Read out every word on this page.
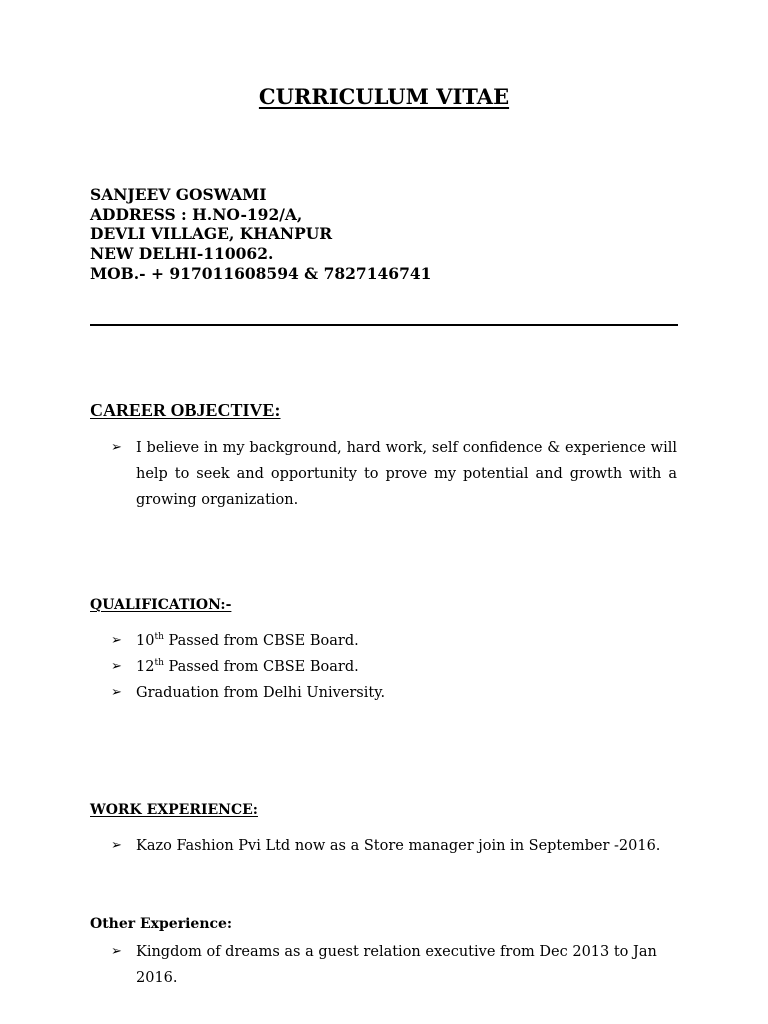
CURRICULUM VITAE
SANJEEV GOSWAMI
ADDRESS : H.NO-192/A,
DEVLI VILLAGE, KHANPUR
NEW DELHI-110062.
MOB.- + 917011608594 & 7827146741
CAREER OBJECTIVE:
➢ I believe in my background, hard work, self confidence & experience will help to seek and opportunity to prove my potential and growth with a growing organization.
QUALIFICATION:-
➢ 10th Passed from CBSE Board.
➢ 12th Passed from CBSE Board.
➢ Graduation from Delhi University.
WORK EXPERIENCE:
➢ Kazo Fashion Pvi Ltd now as a Store manager join in September -2016.
Other Experience:
➢ Kingdom of dreams as a guest relation executive from Dec 2013 to Jan 2016.
